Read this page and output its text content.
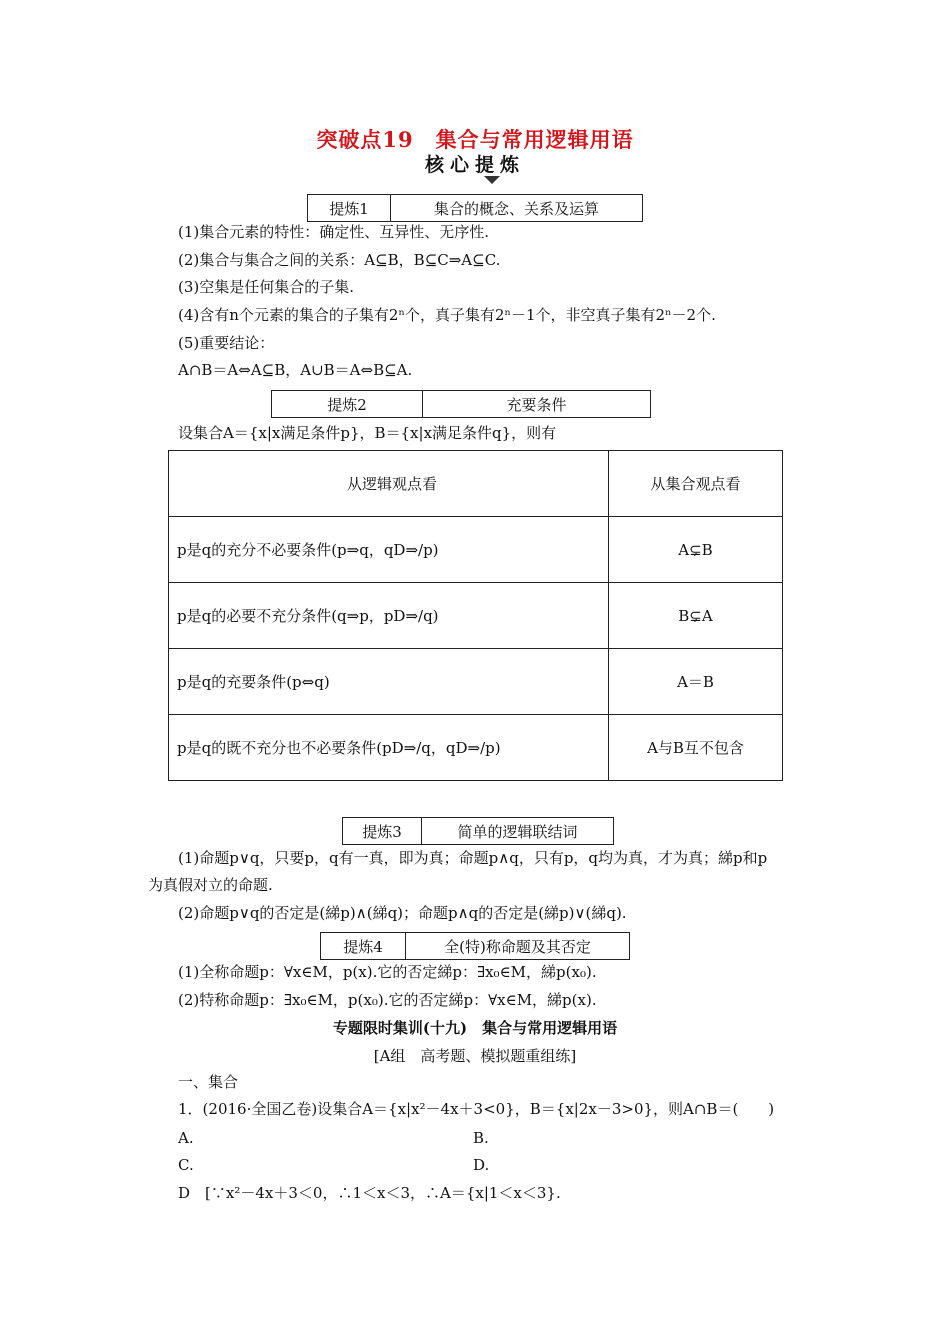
突破点19　集合与常用逻辑用语
核心提炼
提炼1	集合的概念、关系及运算
(1)集合元素的特性：确定性、互异性、无序性.
(2)集合与集合之间的关系：A⊆B，B⊆C⇒A⊆C.
(3)空集是任何集合的子集.
(4)含有n个元素的集合的子集有2ⁿ个，真子集有2ⁿ－1个，非空真子集有2ⁿ－2个.
(5)重要结论：
A∩B＝A⇔A⊆B，A∪B＝A⇔B⊆A.
提炼2	充要条件
设集合A＝{x|x满足条件p}，B＝{x|x满足条件q}，则有
从逻辑观点看	从集合观点看
p是q的充分不必要条件(p⇒q，qD⇒/p)	A⊊B
p是q的必要不充分条件(q⇒p，pD⇒/q)	B⊊A
p是q的充要条件(p⇔q)	A＝B
p是q的既不充分也不必要条件(pD⇒/q，qD⇒/p)	A与B互不包含
提炼3	简单的逻辑联结词
(1)命题p∨q，只要p，q有一真，即为真；命题p∧q，只有p，q均为真，才为真；綈p和p
为真假对立的命题.
(2)命题p∨q的否定是(綈p)∧(綈q)；命题p∧q的否定是(綈p)∨(綈q).
提炼4	全(特)称命题及其否定
(1)全称命题p：∀x∈M，p(x).它的否定綈p：∃x₀∈M，綈p(x₀).
(2)特称命题p：∃x₀∈M，p(x₀).它的否定綈p：∀x∈M，綈p(x).
专题限时集训(十九)　集合与常用逻辑用语
[A组　高考题、模拟题重组练]
一、集合
1．(2016·全国乙卷)设集合A＝{x|x²－4x＋3<0}，B＝{x|2x－3>0}，则A∩B＝(　　)
A.	B.
C.	D.
D　[∵x²－4x＋3＜0，∴1＜x＜3，∴A＝{x|1＜x＜3}.
